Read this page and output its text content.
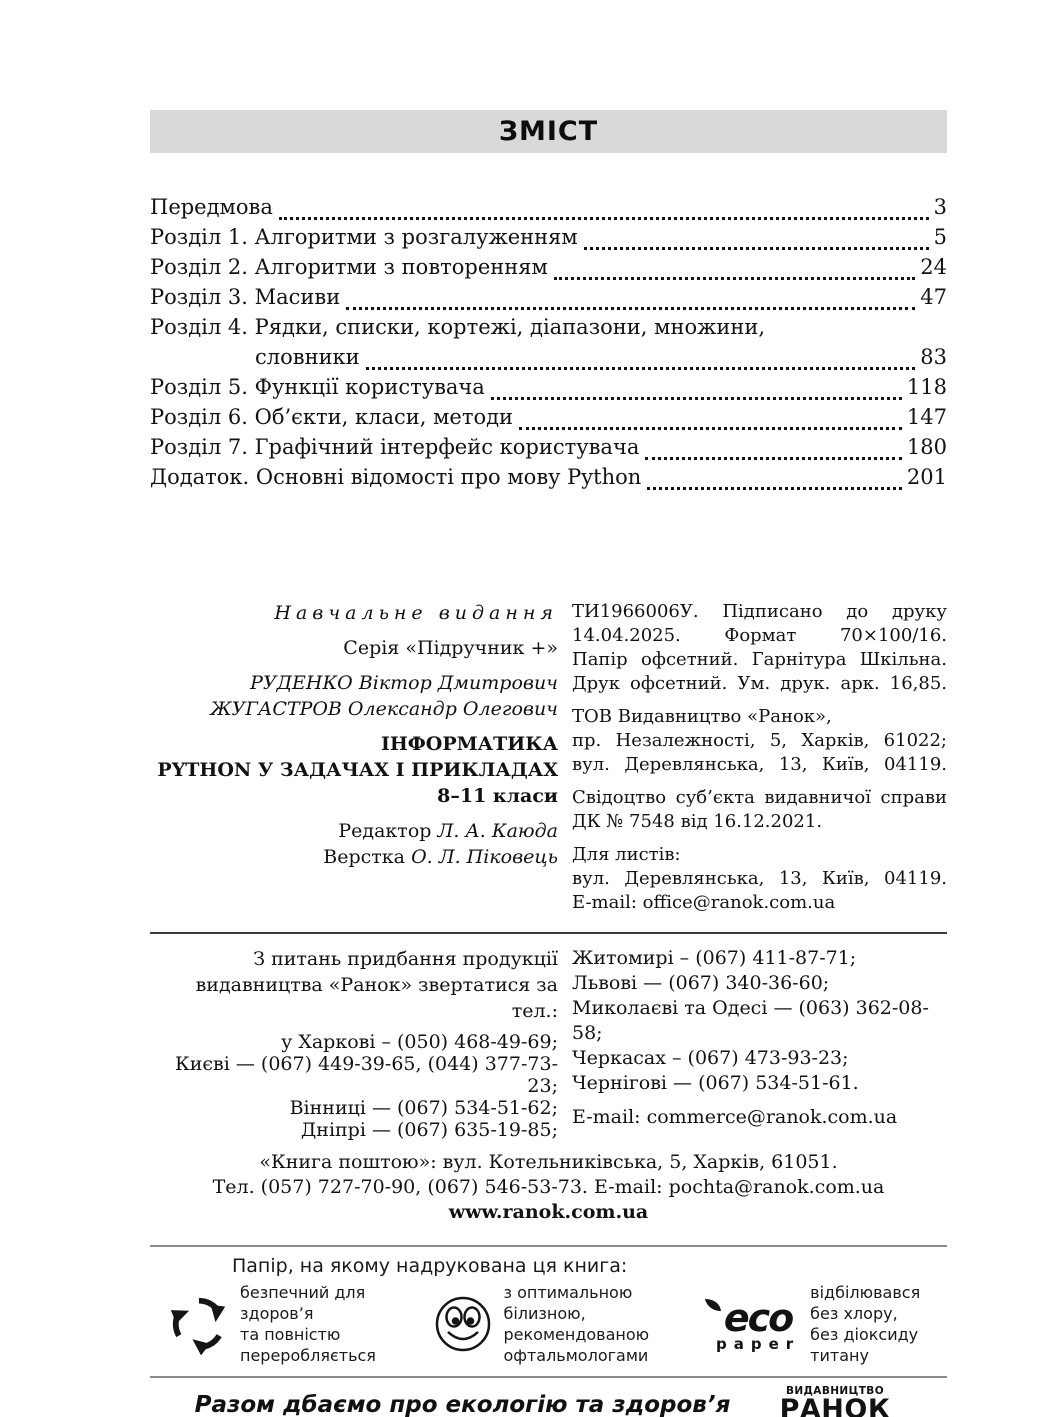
ЗМІСТ
Передмова	3
Розділ 1. Алгоритми з розгалуженням	5
Розділ 2. Алгоритми з повторенням	24
Розділ 3. Масиви	47
Розділ 4. Рядки, списки, кортежі, діапазони, множини,
словники	83
Розділ 5. Функції користувача	118
Розділ 6. Об’єкти, класи, методи	147
Розділ 7. Графічний інтерфейс користувача	180
Додаток. Основні відомості про мову Python	201
Навчальне видання
Серія «Підручник +»
РУДЕНКО Віктор Дмитрович
ЖУГАСТРОВ Олександр Олегович
ІНФОРМАТИКА
PYTHON У ЗАДАЧАХ І ПРИКЛАДАХ
8–11 класи
Редактор Л. А. Каюда
Верстка О. Л. Піковець
ТИ1966006У. Підписано до друку
14.04.2025. Формат 70×100/16.
Папір офсетний. Гарнітура Шкільна.
Друк офсетний. Ум. друк. арк. 16,85.
ТОВ Видавництво «Ранок»,
пр. Незалежності, 5, Харків, 61022;
вул. Деревлянська, 13, Київ, 04119.
Свідоцтво суб’єкта видавничої справи
ДК № 7548 від 16.12.2021.
Для листів:
вул. Деревлянська, 13, Київ, 04119.
E-mail: office@ranok.com.ua
З питань придбання продукції
видавництва «Ранок» звертатися за тел.:
у Харкові – (050) 468-49-69;
Києві — (067) 449-39-65, (044) 377-73-23;
Вінниці — (067) 534-51-62;
Дніпрі — (067) 635-19-85;
Житомирі – (067) 411-87-71;
Львові — (067) 340-36-60;
Миколаєві та Одесі — (063) 362-08-58;
Черкасах – (067) 473-93-23;
Чернігові — (067) 534-51-61.
E-mail: commerce@ranok.com.ua
«Книга поштою»: вул. Котельниківська, 5, Харків, 61051.
Тел. (057) 727-70-90, (067) 546-53-73. E-mail: pochta@ranok.com.ua
www.ranok.com.ua
Папір, на якому надрукована ця книга:
безпечний для здоров’я
та повністю
переробляється
з оптимальною білизною,
рекомендованою
офтальмологами
eco
paper
відбілювався
без хлору,
без діоксиду титану
Разом дбаємо про екологію та здоров’я
ВИДАВНИЦТВО
РАНОК
